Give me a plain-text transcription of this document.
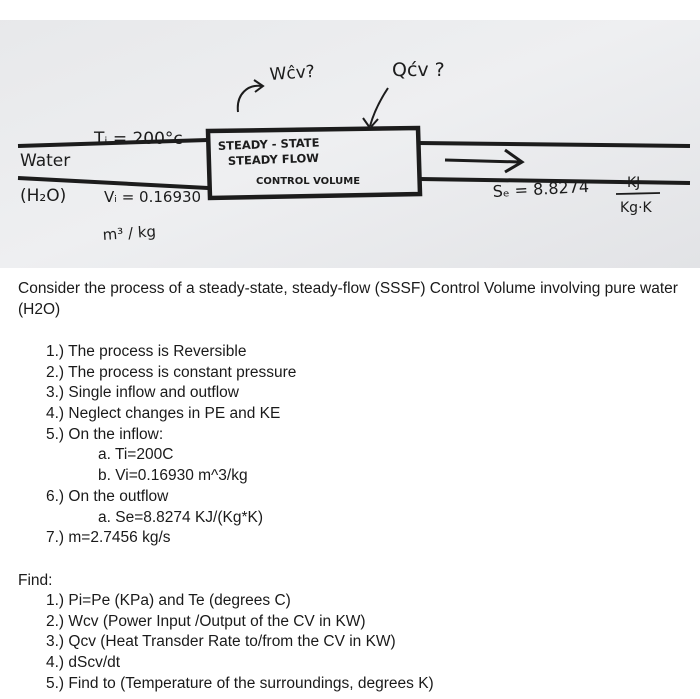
Wĉv?	Qćv ?
Water
(H₂O)
Tᵢ = 200°c
Vᵢ = 0.16930
m³ / kg
STEADY - STATE
STEADY FLOW
CONTROL VOLUME	Sₑ = 8.8274	KJ
Kg·K

Consider the process of a steady-state, steady-flow (SSSF) Control Volume involving pure water (H2O)

1.) The process is Reversible
2.) The process is constant pressure
3.) Single inflow and outflow
4.) Neglect changes in PE and KE
5.) On the inflow:
a. Ti=200C
b. Vi=0.16930 m^3/kg
6.) On the outflow
a. Se=8.8274 KJ/(Kg*K)
7.) m=2.7456 kg/s
Find:
1.) Pi=Pe (KPa) and Te (degrees C)
2.) Wcv (Power Input /Output of the CV in KW)
3.) Qcv (Heat Transder Rate to/from the CV in KW)
4.) dScv/dt
5.) Find to (Temperature of the surroundings, degrees K)
